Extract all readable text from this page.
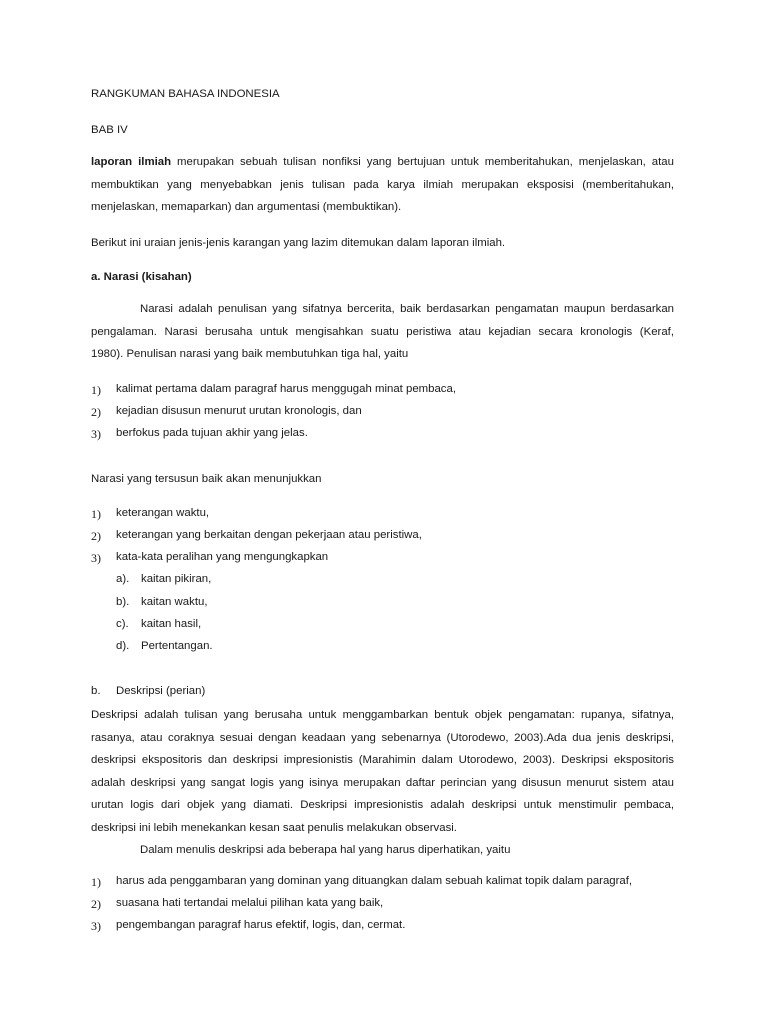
RANGKUMAN BAHASA INDONESIA
BAB IV
laporan ilmiah merupakan sebuah tulisan nonfiksi yang bertujuan untuk memberitahukan, menjelaskan, atau
membuktikan yang menyebabkan jenis tulisan pada karya ilmiah merupakan eksposisi (memberitahukan,
menjelaskan, memaparkan) dan argumentasi (membuktikan).
Berikut ini uraian jenis-jenis karangan yang lazim ditemukan dalam laporan ilmiah.
a. Narasi (kisahan)
Narasi adalah penulisan yang sifatnya bercerita, baik berdasarkan pengamatan maupun berdasarkan
pengalaman. Narasi berusaha untuk mengisahkan suatu peristiwa atau kejadian secara kronologis (Keraf,
1980). Penulisan narasi yang baik membutuhkan tiga hal, yaitu
1) kalimat pertama dalam paragraf harus menggugah minat pembaca,
2) kejadian disusun menurut urutan kronologis, dan
3) berfokus pada tujuan akhir yang jelas.
Narasi yang tersusun baik akan menunjukkan
1) keterangan waktu,
2) keterangan yang berkaitan dengan pekerjaan atau peristiwa,
3) kata-kata peralihan yang mengungkapkan
a). kaitan pikiran,
b). kaitan waktu,
c). kaitan hasil,
d). Pertentangan.
b. Deskripsi (perian)
Deskripsi adalah tulisan yang berusaha untuk menggambarkan bentuk objek pengamatan: rupanya, sifatnya,
rasanya, atau coraknya sesuai dengan keadaan yang sebenarnya (Utorodewo, 2003).Ada dua jenis deskripsi,
deskripsi ekspositoris dan deskripsi impresionistis (Marahimin dalam Utorodewo, 2003). Deskripsi ekspositoris
adalah deskripsi yang sangat logis yang isinya merupakan daftar perincian yang disusun menurut sistem atau
urutan logis dari objek yang diamati. Deskripsi impresionistis adalah deskripsi untuk menstimulir pembaca,
deskripsi ini lebih menekankan kesan saat penulis melakukan observasi.
Dalam menulis deskripsi ada beberapa hal yang harus diperhatikan, yaitu
1) harus ada penggambaran yang dominan yang dituangkan dalam sebuah kalimat topik dalam paragraf,
2) suasana hati tertandai melalui pilihan kata yang baik,
3) pengembangan paragraf harus efektif, logis, dan, cermat.
